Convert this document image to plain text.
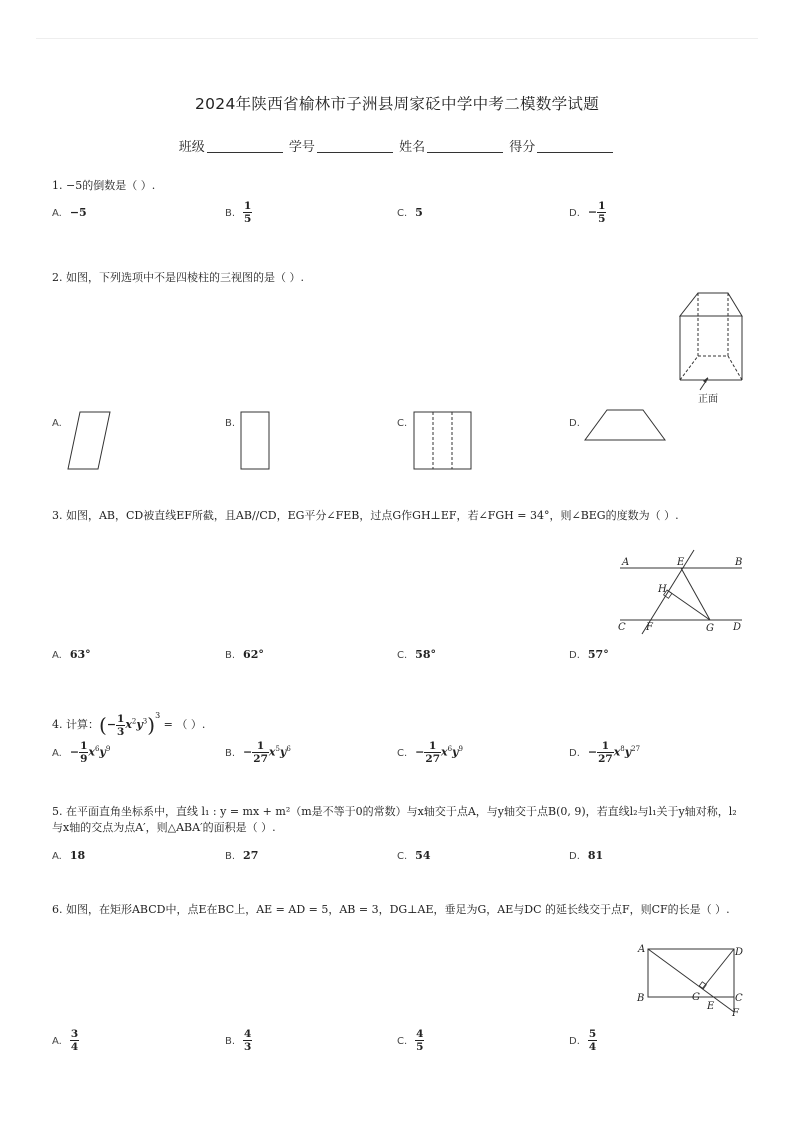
2024年陕西省榆林市子洲县周家砭中学中考二模数学试题
班级	学号	姓名	得分
1. −5的倒数是（ ）.
A. −5	B. $\frac{1}{5}$	C. 5	D. − $\frac{1}{5}$
2. 如图，下列选项中不是四棱柱的三视图的是（ ）.
正面
A.	B.	C.	D.
3. 如图，AB，CD被直线EF所截，且AB//CD，EG平分∠FEB，过点G作GH⊥EF，若∠FGH = 34°，则∠BEG的度数为（ ）.
A	E	B
H
C F	G D
A. 63°	B. 62°	C. 58°	D. 57°
4. 计算：(− $\frac{1}{3} x^2y^3)^3$ = （ ）.
A. − $\frac{1}{9} x^6y^9$	B. − $\frac{1}{27} x^5y^6$	C. − $\frac{1}{27} x^6y^9$	D. − $\frac{1}{27} x^8y^{27}$
5. 在平面直角坐标系中，直线 l₁ : y = mx + m²（m是不等于0的常数）与x轴交于点A，与y轴交于点B(0, 9)，若直线l₂与l₁关于y轴对称，l₂与x轴的交点为点A′，则△ABA′的面积是（ ）.
A. 18	B. 27	C. 54	D. 81
6. 如图，在矩形ABCD中，点E在BC上，AE = AD = 5，AB = 3，DG⊥AE，垂足为G，AE与DC 的延长线交于点F，则CF的长是（ ）.
A	D
B	G	C
E
F
A. $\frac{3}{4}$	B. $\frac{4}{3}$	C. $\frac{4}{5}$	D. $\frac{5}{4}$
